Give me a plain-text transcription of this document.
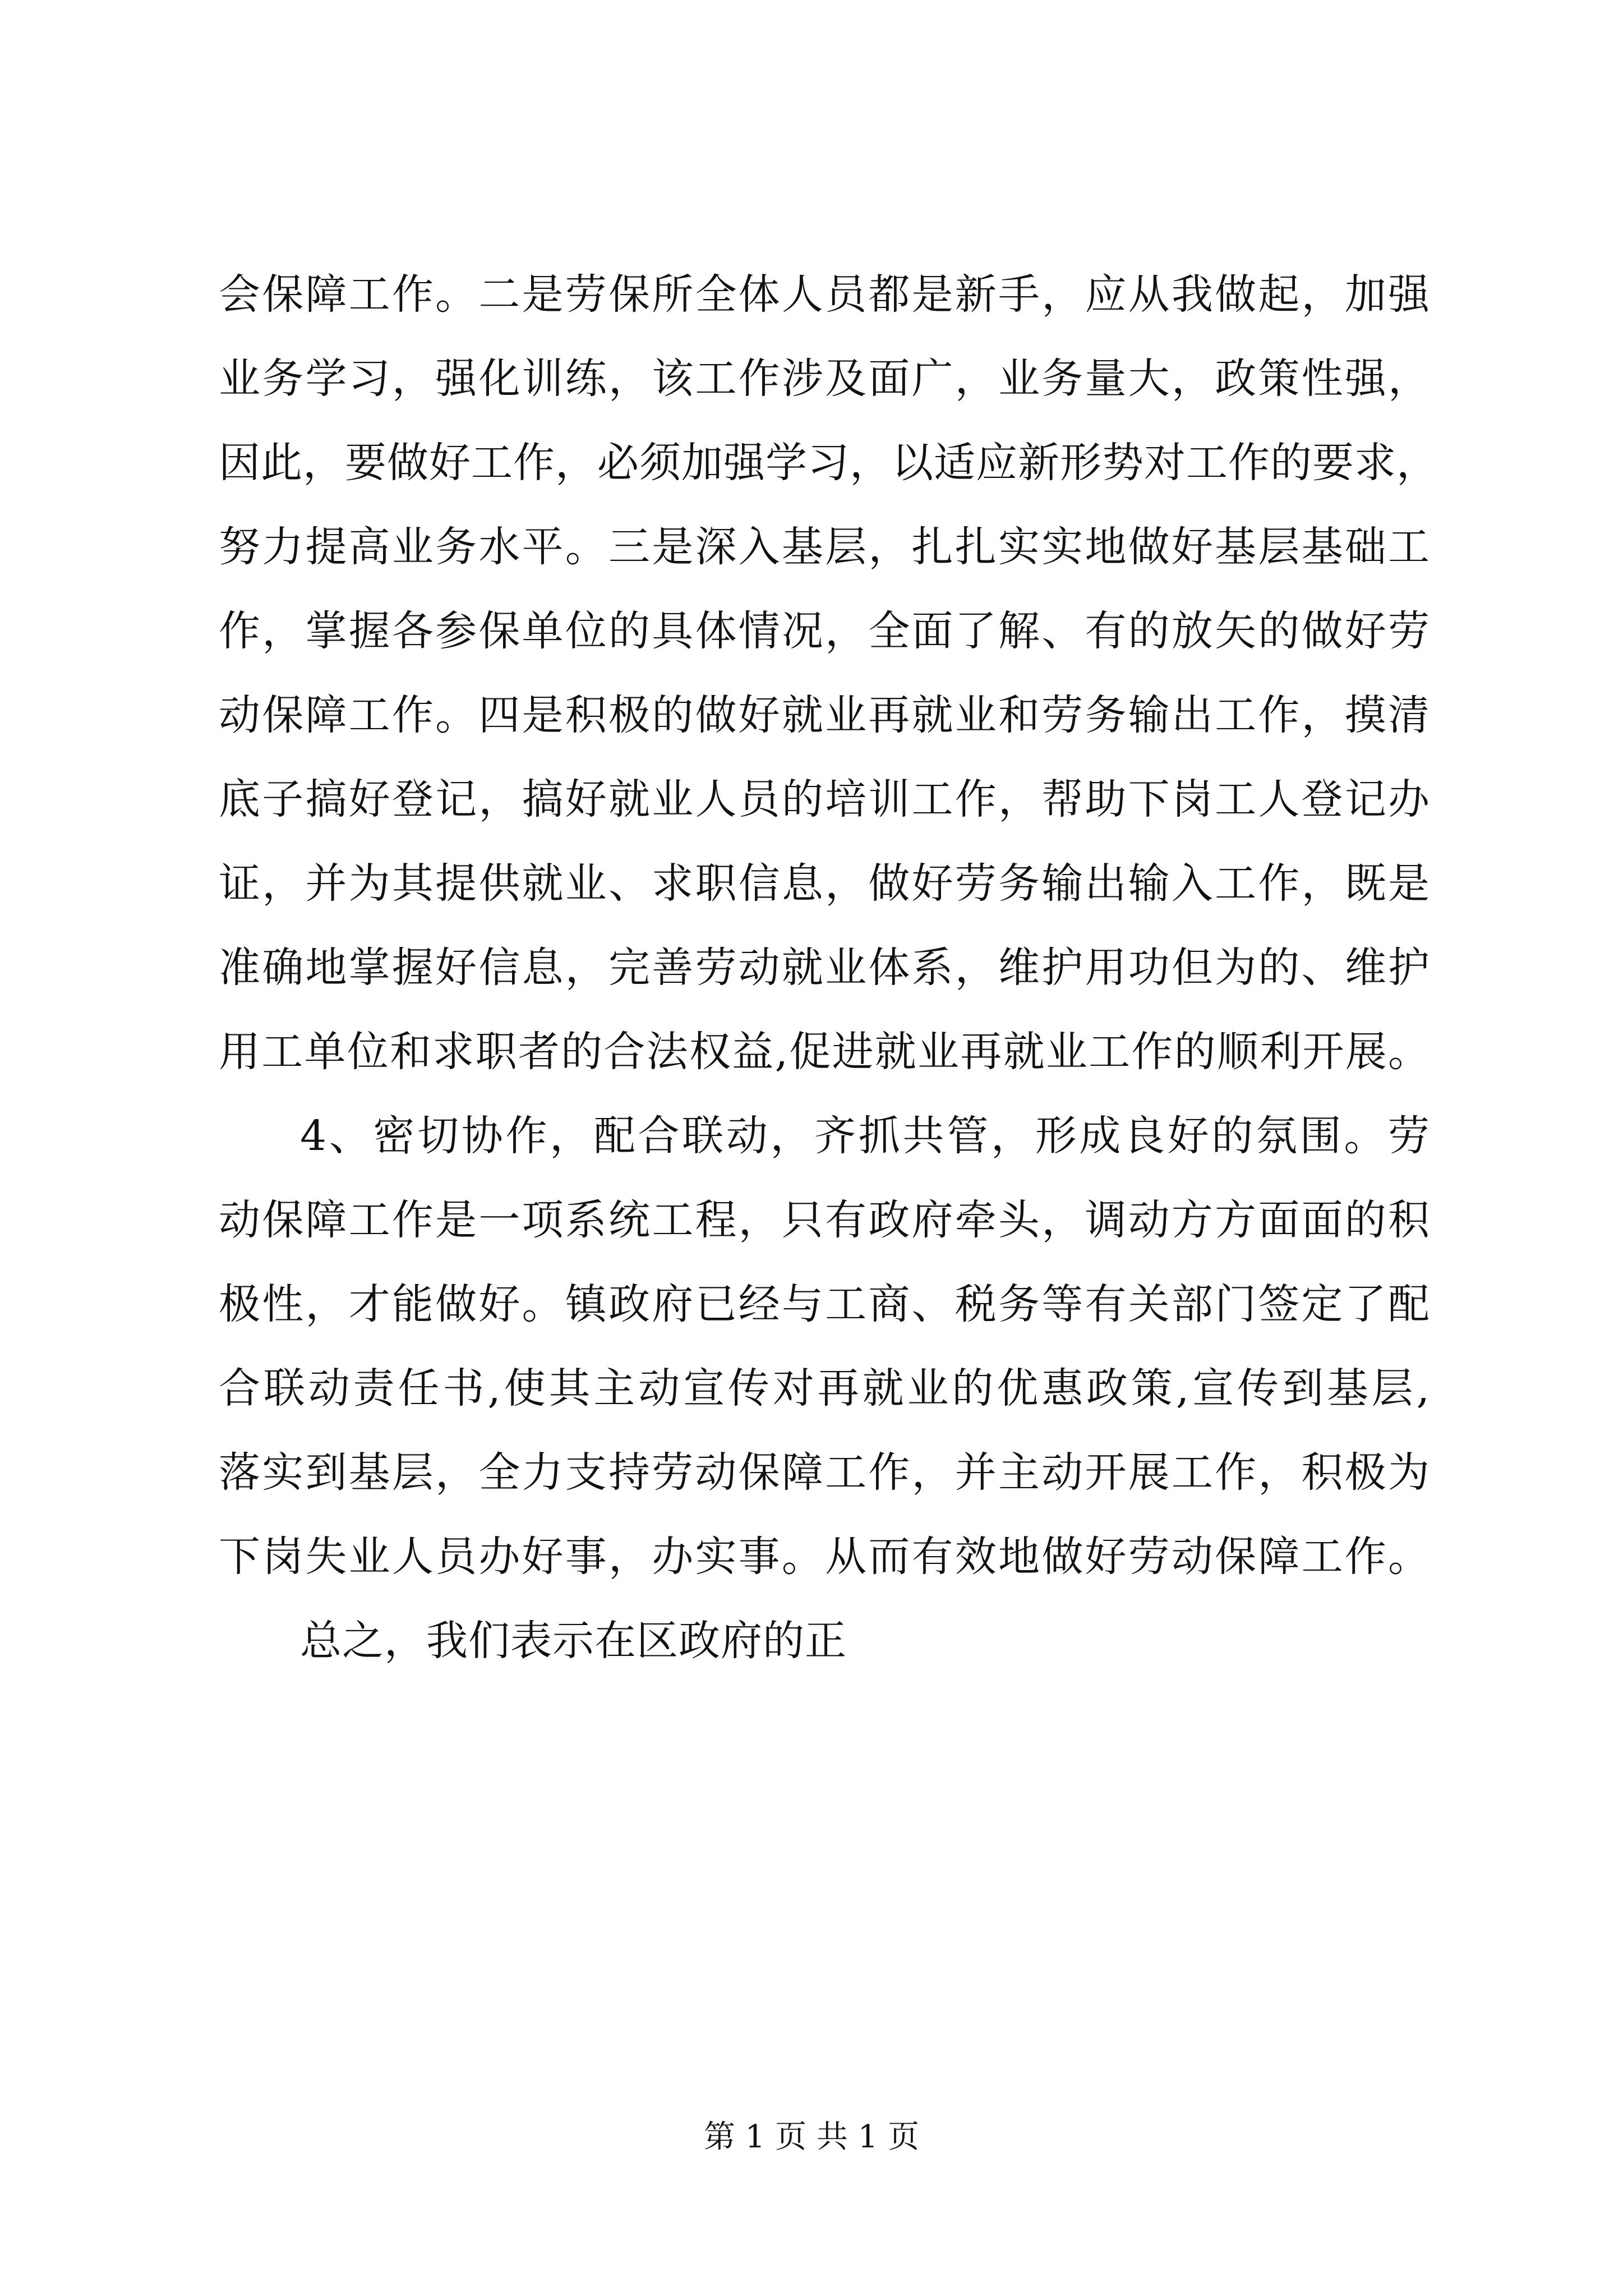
会保障工作。二是劳保所全体人员都是新手，应从我做起，加强
业务学习，强化训练，该工作涉及面广，业务量大，政策性强，
因此，要做好工作，必须加强学习，以适应新形势对工作的要求，
努力提高业务水平。三是深入基层，扎扎实实地做好基层基础工
作，掌握各参保单位的具体情况，全面了解、有的放矢的做好劳
动保障工作。四是积极的做好就业再就业和劳务输出工作，摸清
底子搞好登记，搞好就业人员的培训工作，帮助下岗工人登记办
证，并为其提供就业、求职信息，做好劳务输出输入工作，既是
准确地掌握好信息，完善劳动就业体系，维护用功但为的、维护
用工单位和求职者的合法权益,促进就业再就业工作的顺利开展。
4、密切协作，配合联动，齐抓共管，形成良好的氛围。劳
动保障工作是一项系统工程，只有政府牵头，调动方方面面的积
极性，才能做好。镇政府已经与工商、税务等有关部门签定了配
合联动责任书,使其主动宣传对再就业的优惠政策,宣传到基层,
落实到基层，全力支持劳动保障工作，并主动开展工作，积极为
下岗失业人员办好事，办实事。从而有效地做好劳动保障工作。
总之，我们表示在区政府的正
第 1 页 共 1 页
